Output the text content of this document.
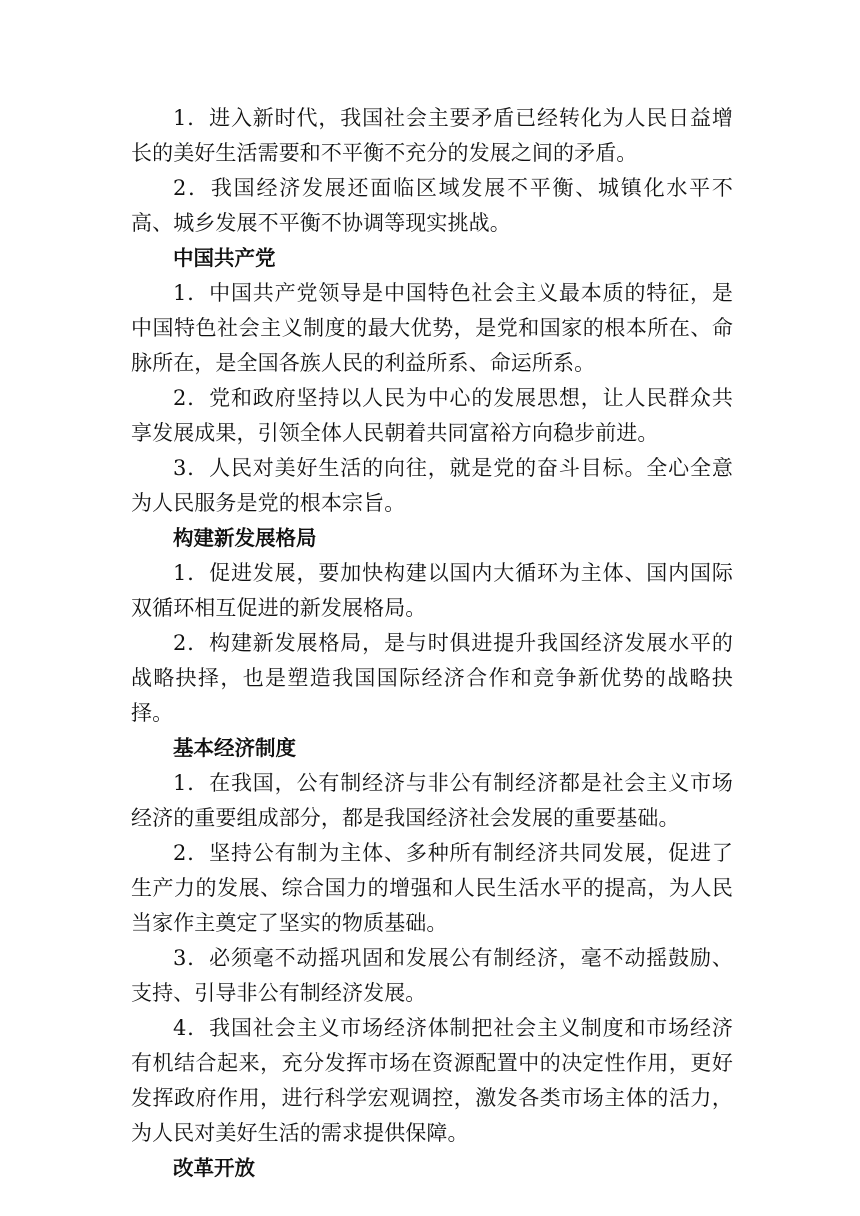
1．进入新时代，我国社会主要矛盾已经转化为人民日益增长的美好生活需要和不平衡不充分的发展之间的矛盾。

2．我国经济发展还面临区域发展不平衡、城镇化水平不高、城乡发展不平衡不协调等现实挑战。

中国共产党

1．中国共产党领导是中国特色社会主义最本质的特征，是中国特色社会主义制度的最大优势，是党和国家的根本所在、命脉所在，是全国各族人民的利益所系、命运所系。

2．党和政府坚持以人民为中心的发展思想，让人民群众共享发展成果，引领全体人民朝着共同富裕方向稳步前进。

3．人民对美好生活的向往，就是党的奋斗目标。全心全意为人民服务是党的根本宗旨。

构建新发展格局

1．促进发展，要加快构建以国内大循环为主体、国内国际双循环相互促进的新发展格局。

2．构建新发展格局，是与时俱进提升我国经济发展水平的战略抉择，也是塑造我国国际经济合作和竞争新优势的战略抉择。

基本经济制度

1．在我国，公有制经济与非公有制经济都是社会主义市场经济的重要组成部分，都是我国经济社会发展的重要基础。

2．坚持公有制为主体、多种所有制经济共同发展，促进了生产力的发展、综合国力的增强和人民生活水平的提高，为人民当家作主奠定了坚实的物质基础。

3．必须毫不动摇巩固和发展公有制经济，毫不动摇鼓励、支持、引导非公有制经济发展。

4．我国社会主义市场经济体制把社会主义制度和市场经济有机结合起来，充分发挥市场在资源配置中的决定性作用，更好发挥政府作用，进行科学宏观调控，激发各类市场主体的活力，为人民对美好生活的需求提供保障。

改革开放
